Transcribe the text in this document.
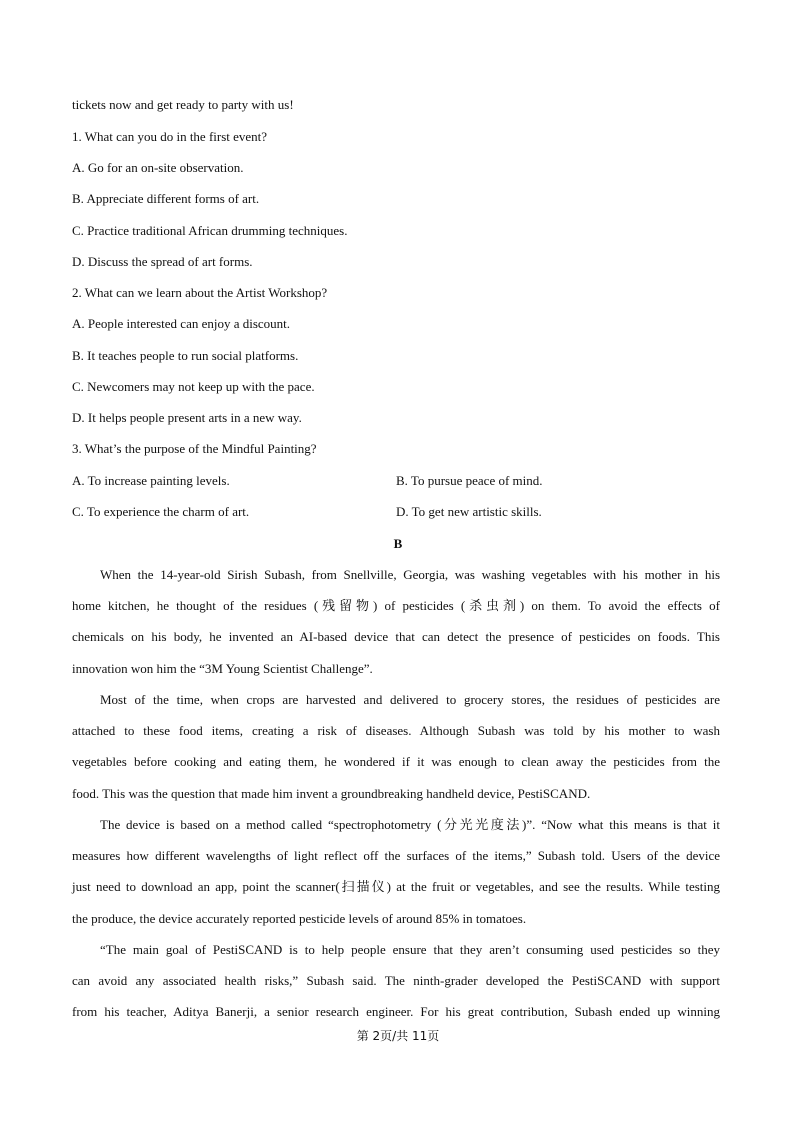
tickets now and get ready to party with us!
1. What can you do in the first event?
A. Go for an on-site observation.
B. Appreciate different forms of art.
C. Practice traditional African drumming techniques.
D. Discuss the spread of art forms.
2. What can we learn about the Artist Workshop?
A. People interested can enjoy a discount.
B. It teaches people to run social platforms.
C. Newcomers may not keep up with the pace.
D. It helps people present arts in a new way.
3. What’s the purpose of the Mindful Painting?
A. To increase painting levels.	B. To pursue peace of mind.
C. To experience the charm of art.	D. To get new artistic skills.
B
When the 14-year-old Sirish Subash, from Snellville, Georgia, was washing vegetables with his mother in his
home kitchen, he thought of the residues (残留物) of pesticides (杀虫剂) on them. To avoid the effects of
chemicals on his body, he invented an AI-based device that can detect the presence of pesticides on foods. This
innovation won him the “3M Young Scientist Challenge”.
Most of the time, when crops are harvested and delivered to grocery stores, the residues of pesticides are
attached to these food items, creating a risk of diseases. Although Subash was told by his mother to wash
vegetables before cooking and eating them, he wondered if it was enough to clean away the pesticides from the
food. This was the question that made him invent a groundbreaking handheld device, PestiSCAND.
The device is based on a method called “spectrophotometry (分光光度法)”. “Now what this means is that it
measures how different wavelengths of light reflect off the surfaces of the items,” Subash told. Users of the device
just need to download an app, point the scanner(扫描仪) at the fruit or vegetables, and see the results. While testing
the produce, the device accurately reported pesticide levels of around 85% in tomatoes.
“The main goal of PestiSCAND is to help people ensure that they aren’t consuming used pesticides so they
can avoid any associated health risks,” Subash said. The ninth-grader developed the PestiSCAND with support
from his teacher, Aditya Banerji, a senior research engineer. For his great contribution, Subash ended up winning
第 2页/共 11页
